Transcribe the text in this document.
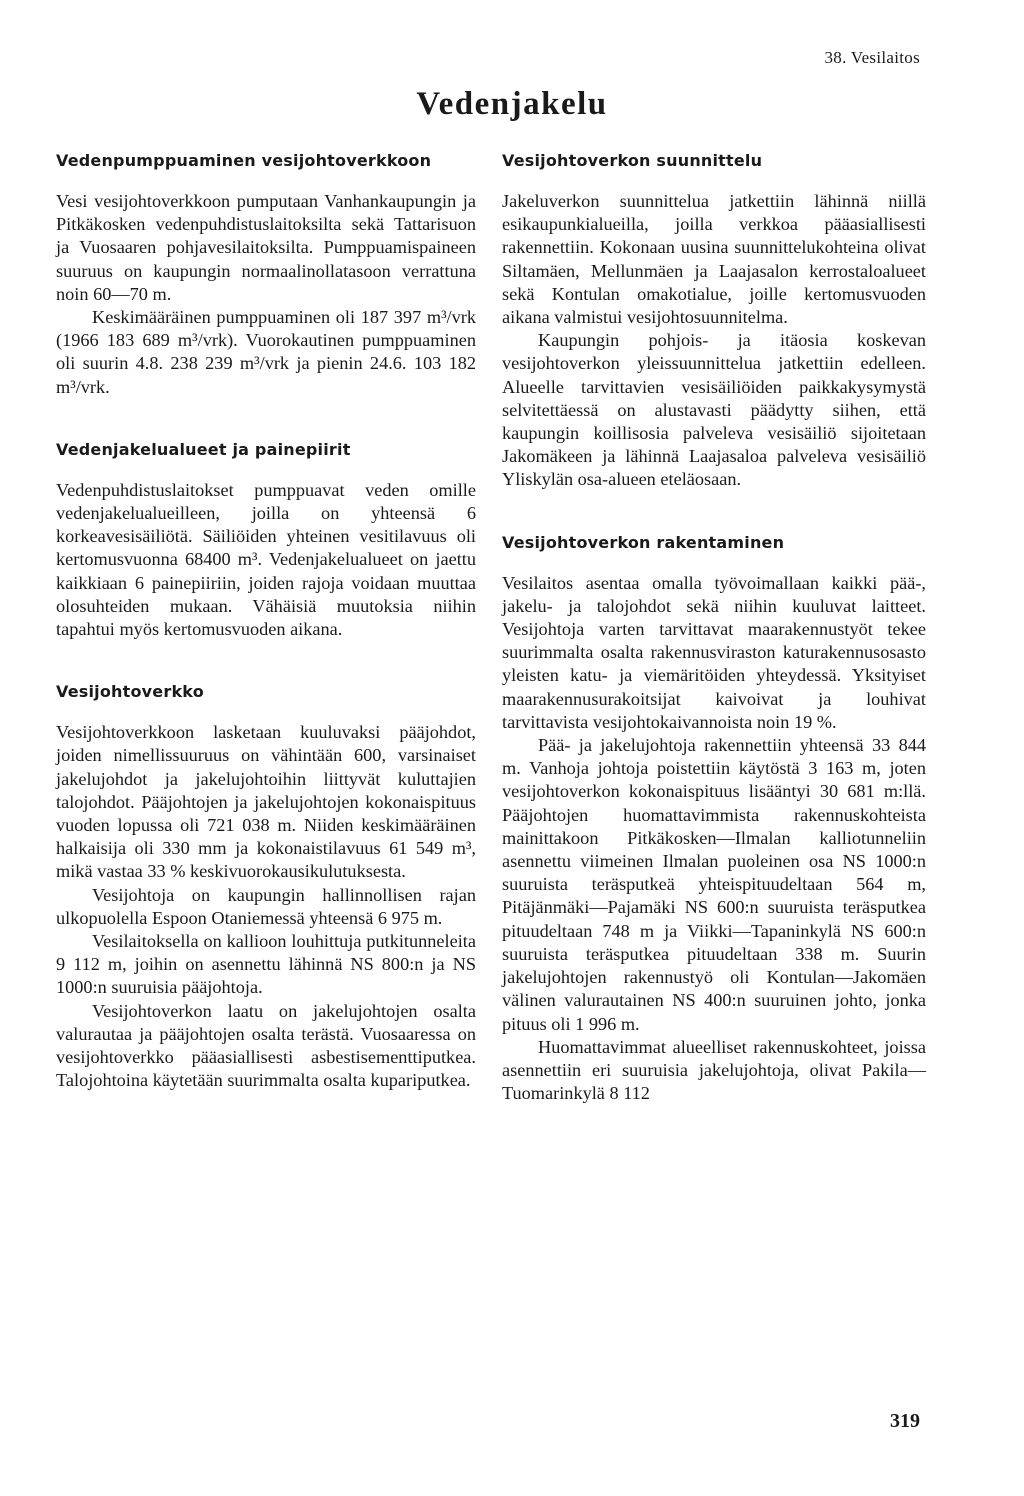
38. Vesilaitos
Vedenjakelu
Vedenpumppuaminen vesijohtoverkkoon

Vesi vesijohtoverkkoon pumputaan Vanhankaupungin ja Pitkäkosken vedenpuhdistuslaitoksilta sekä Tattarisuon ja Vuosaaren pohjavesilaitoksilta. Pumppuamispaineen suuruus on kaupungin normaalinollatasoon verrattuna noin 60—70 m.

Keskimääräinen pumppuaminen oli 187 397 m³/vrk (1966 183 689 m³/vrk). Vuorokautinen pumppuaminen oli suurin 4.8. 238 239 m³/vrk ja pienin 24.6. 103 182 m³/vrk.

Vedenjakelualueet ja painepiirit

Vedenpuhdistuslaitokset pumppuavat veden omille vedenjakelualueilleen, joilla on yhteensä 6 korkeavesisäiliötä. Säiliöiden yhteinen vesitilavuus oli kertomusvuonna 68400 m³. Vedenjakelualueet on jaettu kaikkiaan 6 painepiiriin, joiden rajoja voidaan muuttaa olosuhteiden mukaan. Vähäisiä muutoksia niihin tapahtui myös kertomusvuoden aikana.

Vesijohtoverkko

Vesijohtoverkkoon lasketaan kuuluvaksi pääjohdot, joiden nimellissuuruus on vähintään 600, varsinaiset jakelujohdot ja jakelujohtoihin liittyvät kuluttajien talojohdot. Pääjohtojen ja jakelujohtojen kokonaispituus vuoden lopussa oli 721 038 m. Niiden keskimääräinen halkaisija oli 330 mm ja kokonaistilavuus 61 549 m³, mikä vastaa 33 % keskivuorokausikulutuksesta.

Vesijohtoja on kaupungin hallinnollisen rajan ulkopuolella Espoon Otaniemessä yhteensä 6 975 m.

Vesilaitoksella on kallioon louhittuja putkitunneleita 9 112 m, joihin on asennettu lähinnä NS 800:n ja NS 1000:n suuruisia pääjohtoja.

Vesijohtoverkon laatu on jakelujohtojen osalta valurautaa ja pääjohtojen osalta terästä. Vuosaaressa on vesijohtoverkko pääasiallisesti asbestisementtiputkea. Talojohtoina käytetään suurimmalta osalta kupariputkea.

Vesijohtoverkon suunnittelu

Jakeluverkon suunnittelua jatkettiin lähinnä niillä esikaupunkialueilla, joilla verkkoa pääasiallisesti rakennettiin. Kokonaan uusina suunnittelukohteina olivat Siltamäen, Mellunmäen ja Laajasalon kerrostaloalueet sekä Kontulan omakotialue, joille kertomusvuoden aikana valmistui vesijohtosuunnitelma.

Kaupungin pohjois- ja itäosia koskevan vesijohtoverkon yleissuunnittelua jatkettiin edelleen. Alueelle tarvittavien vesisäiliöiden paikkakysymystä selvitettäessä on alustavasti päädytty siihen, että kaupungin koillisosia palveleva vesisäiliö sijoitetaan Jakomäkeen ja lähinnä Laajasaloa palveleva vesisäiliö Yliskylän osa-alueen eteläosaan.

Vesijohtoverkon rakentaminen

Vesilaitos asentaa omalla työvoimallaan kaikki pää-, jakelu- ja talojohdot sekä niihin kuuluvat laitteet. Vesijohtoja varten tarvittavat maarakennustyöt tekee suurimmalta osalta rakennusviraston katurakennusosasto yleisten katu- ja viemäritöiden yhteydessä. Yksityiset maarakennusurakoitsijat kaivoivat ja louhivat tarvittavista vesijohtokaivannoista noin 19 %.

Pää- ja jakelujohtoja rakennettiin yhteensä 33 844 m. Vanhoja johtoja poistettiin käytöstä 3 163 m, joten vesijohtoverkon kokonaispituus lisääntyi 30 681 m:llä. Pääjohtojen huomattavimmista rakennuskohteista mainittakoon Pitkäkosken—Ilmalan kalliotunneliin asennettu viimeinen Ilmalan puoleinen osa NS 1000:n suuruista teräsputkeä yhteispituudeltaan 564 m, Pitäjänmäki—Pajamäki NS 600:n suuruista teräsputkea pituudeltaan 748 m ja Viikki—Tapaninkylä NS 600:n suuruista teräsputkea pituudeltaan 338 m. Suurin jakelujohtojen rakennustyö oli Kontulan—Jakomäen välinen valurautainen NS 400:n suuruinen johto, jonka pituus oli 1 996 m.

Huomattavimmat alueelliset rakennuskohteet, joissa asennettiin eri suuruisia jakelujohtoja, olivat Pakila—Tuomarinkylä 8 112

319
